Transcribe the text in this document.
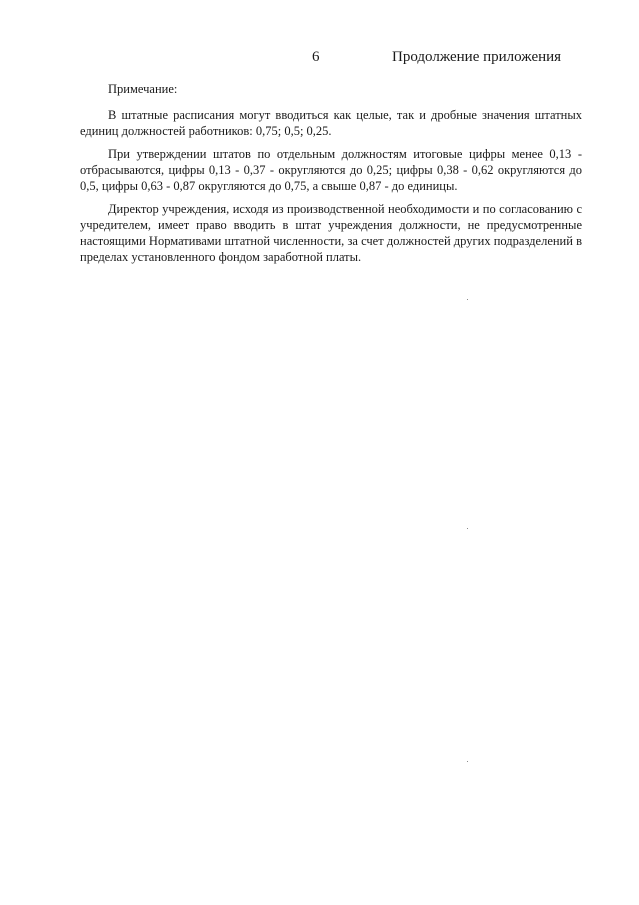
6	Продолжение приложения
Примечание:

В штатные расписания могут вводиться как целые, так и дробные значения штатных единиц должностей работников: 0,75; 0,5; 0,25.

При утверждении штатов по отдельным должностям итоговые цифры менее 0,13 - отбрасываются, цифры 0,13 - 0,37 - округляются до 0,25; цифры 0,38 - 0,62 округляются до 0,5, цифры 0,63 - 0,87 округляются до 0,75, а свыше 0,87 - до единицы.

Директор учреждения, исходя из производственной необходимости и по согласованию с учредителем, имеет право вводить в штат учреждения должности, не предусмотренные настоящими Нормативами штатной численности, за счет должностей других подразделений в пределах установленного фондом заработной платы.
